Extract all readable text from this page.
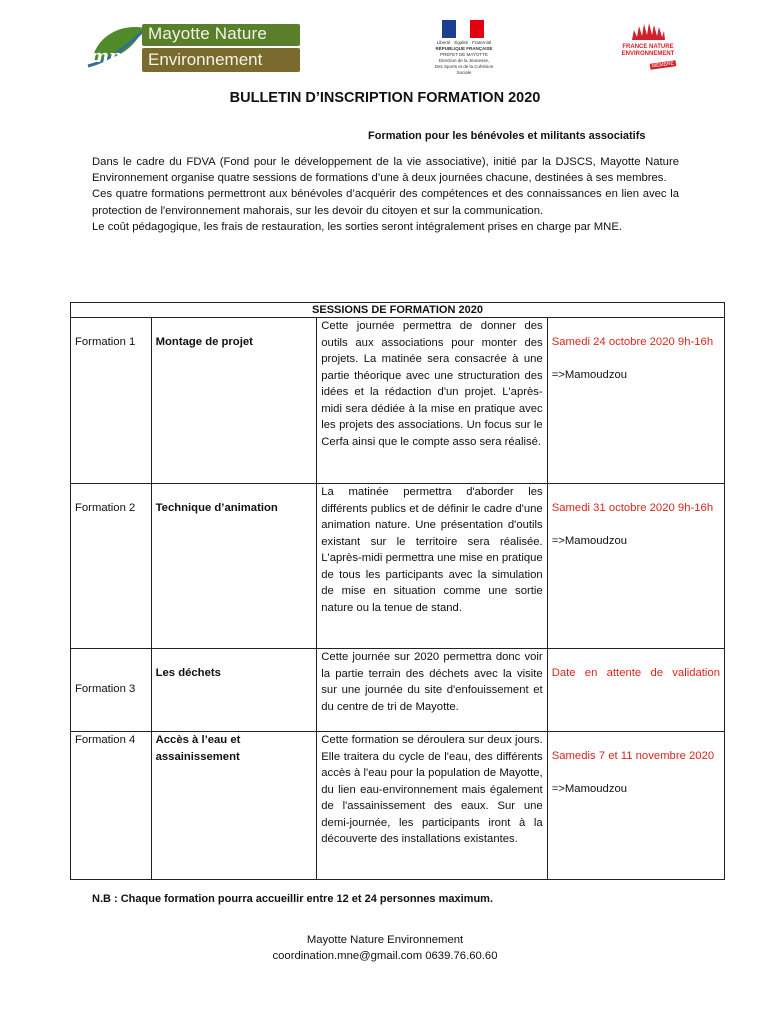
mne
Mayotte Nature
Environnement
Liberté · Égalité · Fraternité
RÉPUBLIQUE FRANÇAISE
PRÉFET DE MAYOTTE
Direction de la Jeunesse,
Des Sports et de la Cohésion Sociale
FRANCE NATURE ENVIRONNEMENT
MEMBRE
BULLETIN D’INSCRIPTION FORMATION 2020
Formation pour les bénévoles et militants associatifs

Dans le cadre du FDVA (Fond pour le développement de la vie associative), initié par la DJSCS, Mayotte Nature Environnement organise quatre sessions de formations d’une à deux journées chacune, destinées à ses membres.

Ces quatre formations permettront aux bénévoles d’acquérir des compétences et des connaissances en lien avec la protection de l'environnement mahorais, sur les devoir du citoyen et sur la communication.

Le coût pédagogique, les frais de restauration, les sorties seront intégralement prises en charge par MNE.

SESSIONS DE FORMATION 2020			
Formation 1	Montage de projet	Cette journée permettra de donner des outils aux associations pour monter des projets. La matinée sera consacrée à une partie théorique avec une structuration des idées et la rédaction d'un projet. L'après-midi sera dédiée à la mise en pratique avec les projets des associations. Un focus sur le Cerfa ainsi que le compte asso sera réalisé.	Samedi 24 octobre 2020 9h-16h
=>Mamoudzou

Formation 2	Technique d’animation	La matinée permettra d'aborder les différents publics et de définir le cadre d'une animation nature. Une présentation d'outils existant sur le territoire sera réalisée. L'après-midi permettra une mise en pratique de tous les participants avec la simulation de mise en situation comme une sortie nature ou la tenue de stand.	Samedi 31 octobre 2020 9h-16h
=>Mamoudzou

Formation 3	Les déchets	Cette journée sur 2020 permettra donc voir la partie terrain des déchets avec la visite sur une journée du site d'enfouissement et du centre de tri de Mayotte.	Date en attente de validation

Formation 4	Accès à l’eau et assainissement	Cette formation se déroulera sur deux jours. Elle traitera du cycle de l'eau, des différents accès à l'eau pour la population de Mayotte, du lien eau-environnement mais également de l'assainissement des eaux. Sur une demi-journée, les participants iront à la découverte des installations existantes.	Samedis 7 et 11 novembre 2020
=>Mamoudzou
N.B : Chaque formation pourra accueillir entre 12 et 24 personnes maximum.
Mayotte Nature Environnement
coordination.mne@gmail.com 0639.76.60.60
